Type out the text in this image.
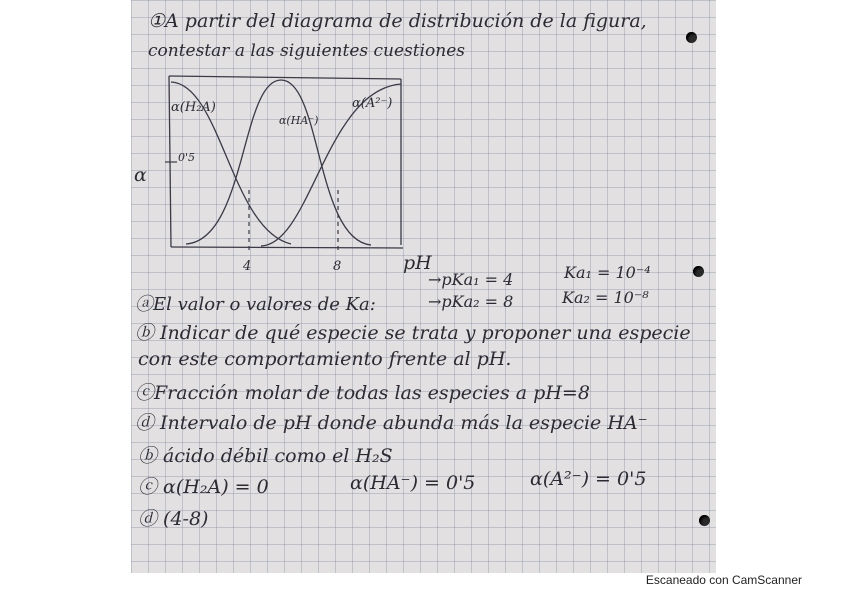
α(H₂A)
α(HA⁻)
α(A²⁻)
0'5
α
4	8	pH
①A partir del diagrama de distribución de la figura,
contestar a las siguientes cuestiones
ⓐEl valor o valores de Ka:
→pKa₁ = 4
→pKa₂ = 8
Ka₁ = 10⁻⁴
Ka₂ = 10⁻⁸
ⓑ Indicar de qué especie se trata y proponer una especie
con este comportamiento frente al pH.
ⓒFracción molar de todas las especies a pH=8
ⓓ Intervalo de pH donde abunda más la especie HA⁻
ⓑ ácido débil como el H₂S
ⓒ α(H₂A) = 0	α(HA⁻) = 0'5	α(A²⁻) = 0'5
ⓓ (4-8)
Escaneado con CamScanner
